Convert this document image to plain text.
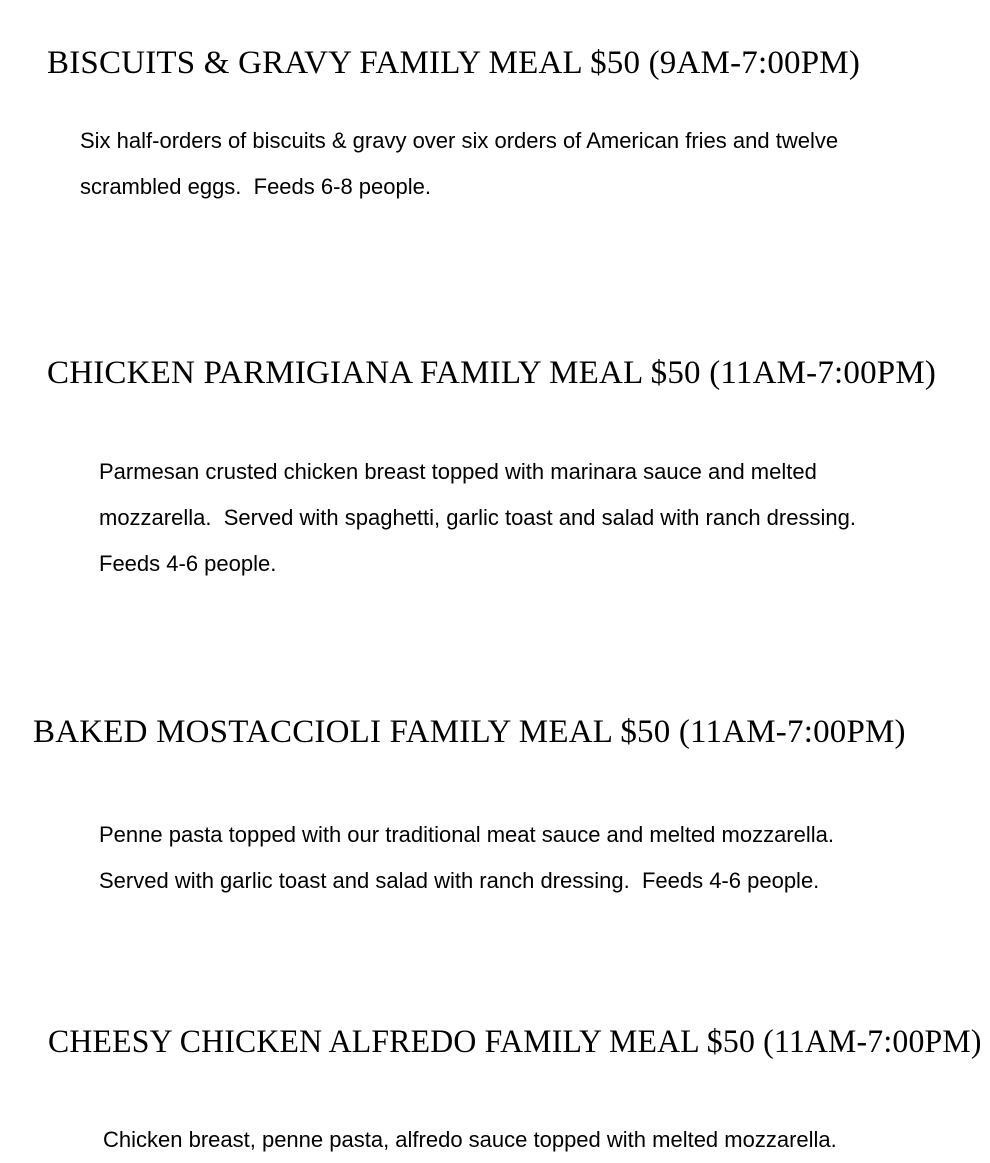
BISCUITS & GRAVY FAMILY MEAL $50 (9AM-7:00PM)

Six half-orders of biscuits & gravy over six orders of American fries and twelve
scrambled eggs.  Feeds 6-8 people.

CHICKEN PARMIGIANA FAMILY MEAL $50 (11AM-7:00PM)

Parmesan crusted chicken breast topped with marinara sauce and melted
mozzarella.  Served with spaghetti, garlic toast and salad with ranch dressing.
Feeds 4-6 people.

BAKED MOSTACCIOLI FAMILY MEAL $50 (11AM-7:00PM)

Penne pasta topped with our traditional meat sauce and melted mozzarella.
Served with garlic toast and salad with ranch dressing.  Feeds 4-6 people.

CHEESY CHICKEN ALFREDO FAMILY MEAL $50 (11AM-7:00PM)

Chicken breast, penne pasta, alfredo sauce topped with melted mozzarella.
